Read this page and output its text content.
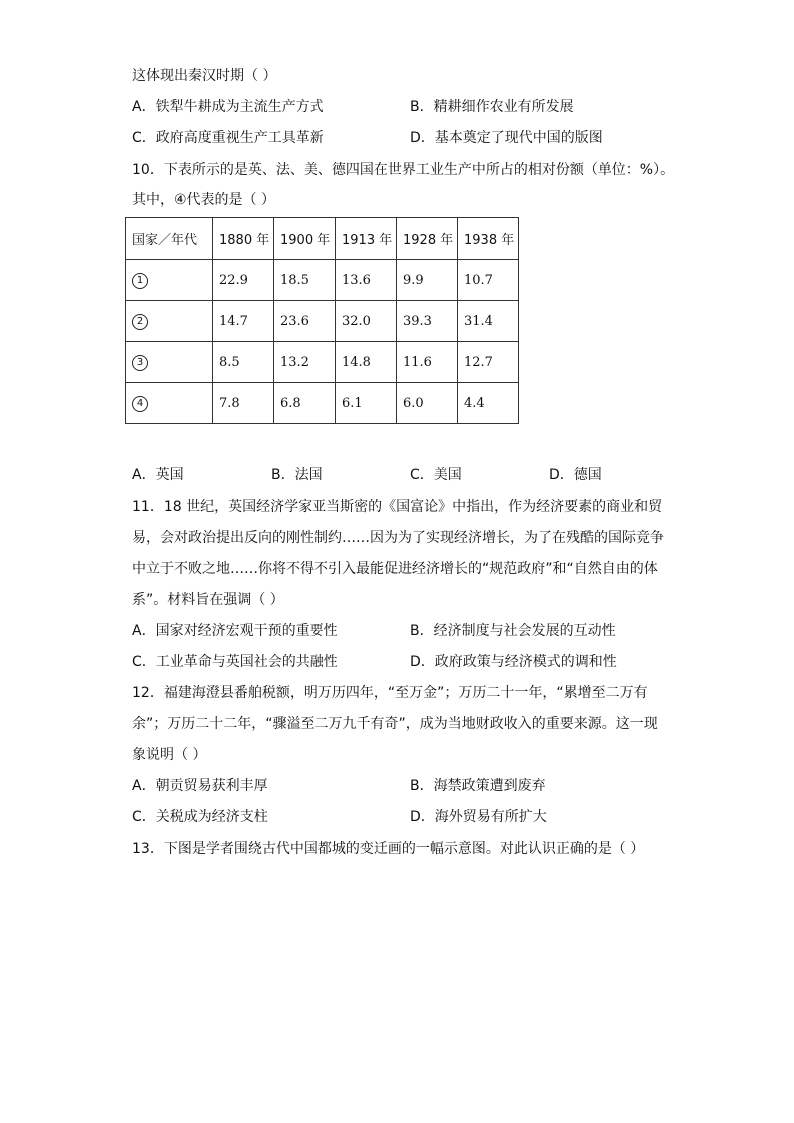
这体现出秦汉时期（ ）
A．铁犁牛耕成为主流生产方式	B．精耕细作农业有所发展
C．政府高度重视生产工具革新	D．基本奠定了现代中国的版图
10．下表所示的是英、法、美、德四国在世界工业生产中所占的相对份额（单位：%）。
其中，④代表的是（ ）
国家／年代	1880 年	1900 年	1913 年	1928 年	1938 年
1	22.9	18.5	13.6	9.9	10.7
2	14.7	23.6	32.0	39.3	31.4
3	8.5	13.2	14.8	11.6	12.7
4	7.8	6.8	6.1	6.0	4.4
A．英国	B．法国	C．美国	D．德国
11．18 世纪，英国经济学家亚当斯密的《国富论》中指出，作为经济要素的商业和贸
易，会对政治提出反向的刚性制约……因为为了实现经济增长，为了在残酷的国际竞争
中立于不败之地……你将不得不引入最能促进经济增长的“规范政府”和“自然自由的体
系”。材料旨在强调（ ）
A．国家对经济宏观干预的重要性	B．经济制度与社会发展的互动性
C．工业革命与英国社会的共融性	D．政府政策与经济模式的调和性
12．福建海澄县番舶税额，明万历四年，“至万金”；万历二十一年，“累增至二万有
余”；万历二十二年，“骤溢至二万九千有奇”，成为当地财政收入的重要来源。这一现
象说明（ ）
A．朝贡贸易获利丰厚	B．海禁政策遭到废弃
C．关税成为经济支柱	D．海外贸易有所扩大
13．下图是学者围绕古代中国都城的变迁画的一幅示意图。对此认识正确的是（ ）
